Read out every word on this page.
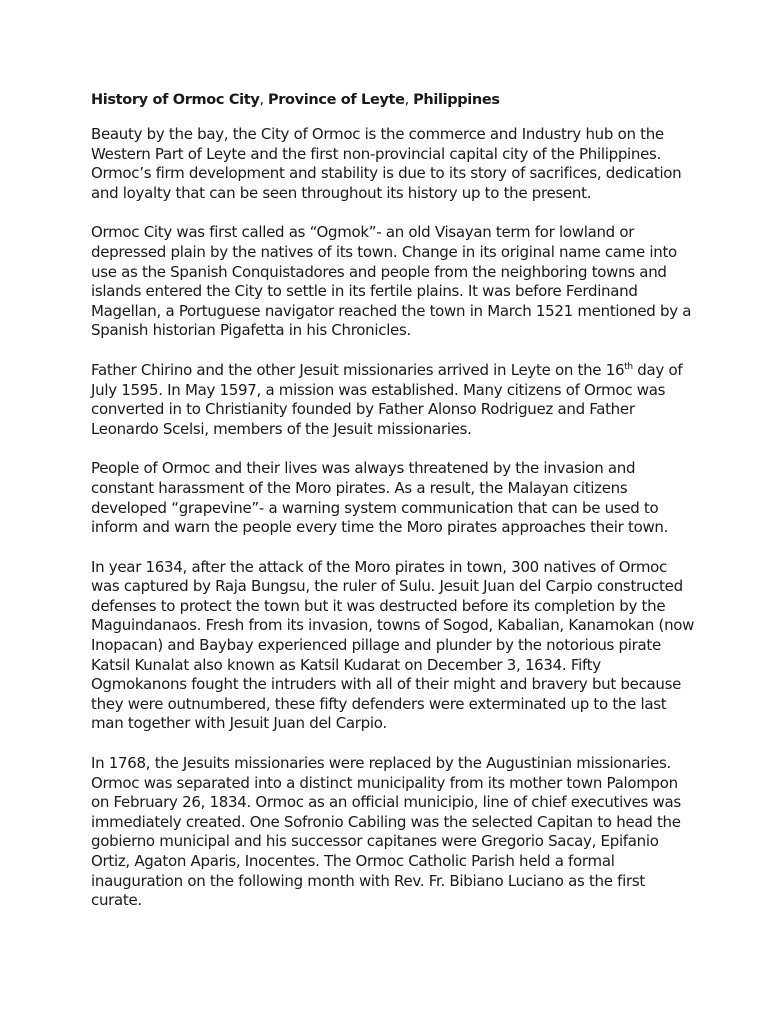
History of Ormoc City, Province of Leyte, Philippines

Beauty by the bay, the City of Ormoc is the commerce and Industry hub on the Western Part of Leyte and the first non-provincial capital city of the Philippines. Ormoc’s firm development and stability is due to its story of sacrifices, dedication and loyalty that can be seen throughout its history up to the present.

Ormoc City was first called as “Ogmok”- an old Visayan term for lowland or depressed plain by the natives of its town. Change in its original name came into use as the Spanish Conquistadores and people from the neighboring towns and islands entered the City to settle in its fertile plains. It was before Ferdinand Magellan, a Portuguese navigator reached the town in March 1521 mentioned by a Spanish historian Pigafetta in his Chronicles.

Father Chirino and the other Jesuit missionaries arrived in Leyte on the 16th day of July 1595. In May 1597, a mission was established. Many citizens of Ormoc was converted in to Christianity founded by Father Alonso Rodriguez and Father Leonardo Scelsi, members of the Jesuit missionaries.

People of Ormoc and their lives was always threatened by the invasion and constant harassment of the Moro pirates. As a result, the Malayan citizens developed “grapevine”- a warning system communication that can be used to inform and warn the people every time the Moro pirates approaches their town.

In year 1634, after the attack of the Moro pirates in town, 300 natives of Ormoc was captured by Raja Bungsu, the ruler of Sulu. Jesuit Juan del Carpio constructed defenses to protect the town but it was destructed before its completion by the Maguindanaos. Fresh from its invasion, towns of Sogod, Kabalian, Kanamokan (now Inopacan) and Baybay experienced pillage and plunder by the notorious pirate Katsil Kunalat also known as Katsil Kudarat on December 3, 1634. Fifty Ogmokanons fought the intruders with all of their might and bravery but because they were outnumbered, these fifty defenders were exterminated up to the last man together with Jesuit Juan del Carpio.

In 1768, the Jesuits missionaries were replaced by the Augustinian missionaries. Ormoc was separated into a distinct municipality from its mother town Palompon on February 26, 1834. Ormoc as an official municipio, line of chief executives was immediately created. One Sofronio Cabiling was the selected Capitan to head the gobierno municipal and his successor capitanes were Gregorio Sacay, Epifanio Ortiz, Agaton Aparis, Inocentes. The Ormoc Catholic Parish held a formal inauguration on the following month with Rev. Fr. Bibiano Luciano as the first curate.
